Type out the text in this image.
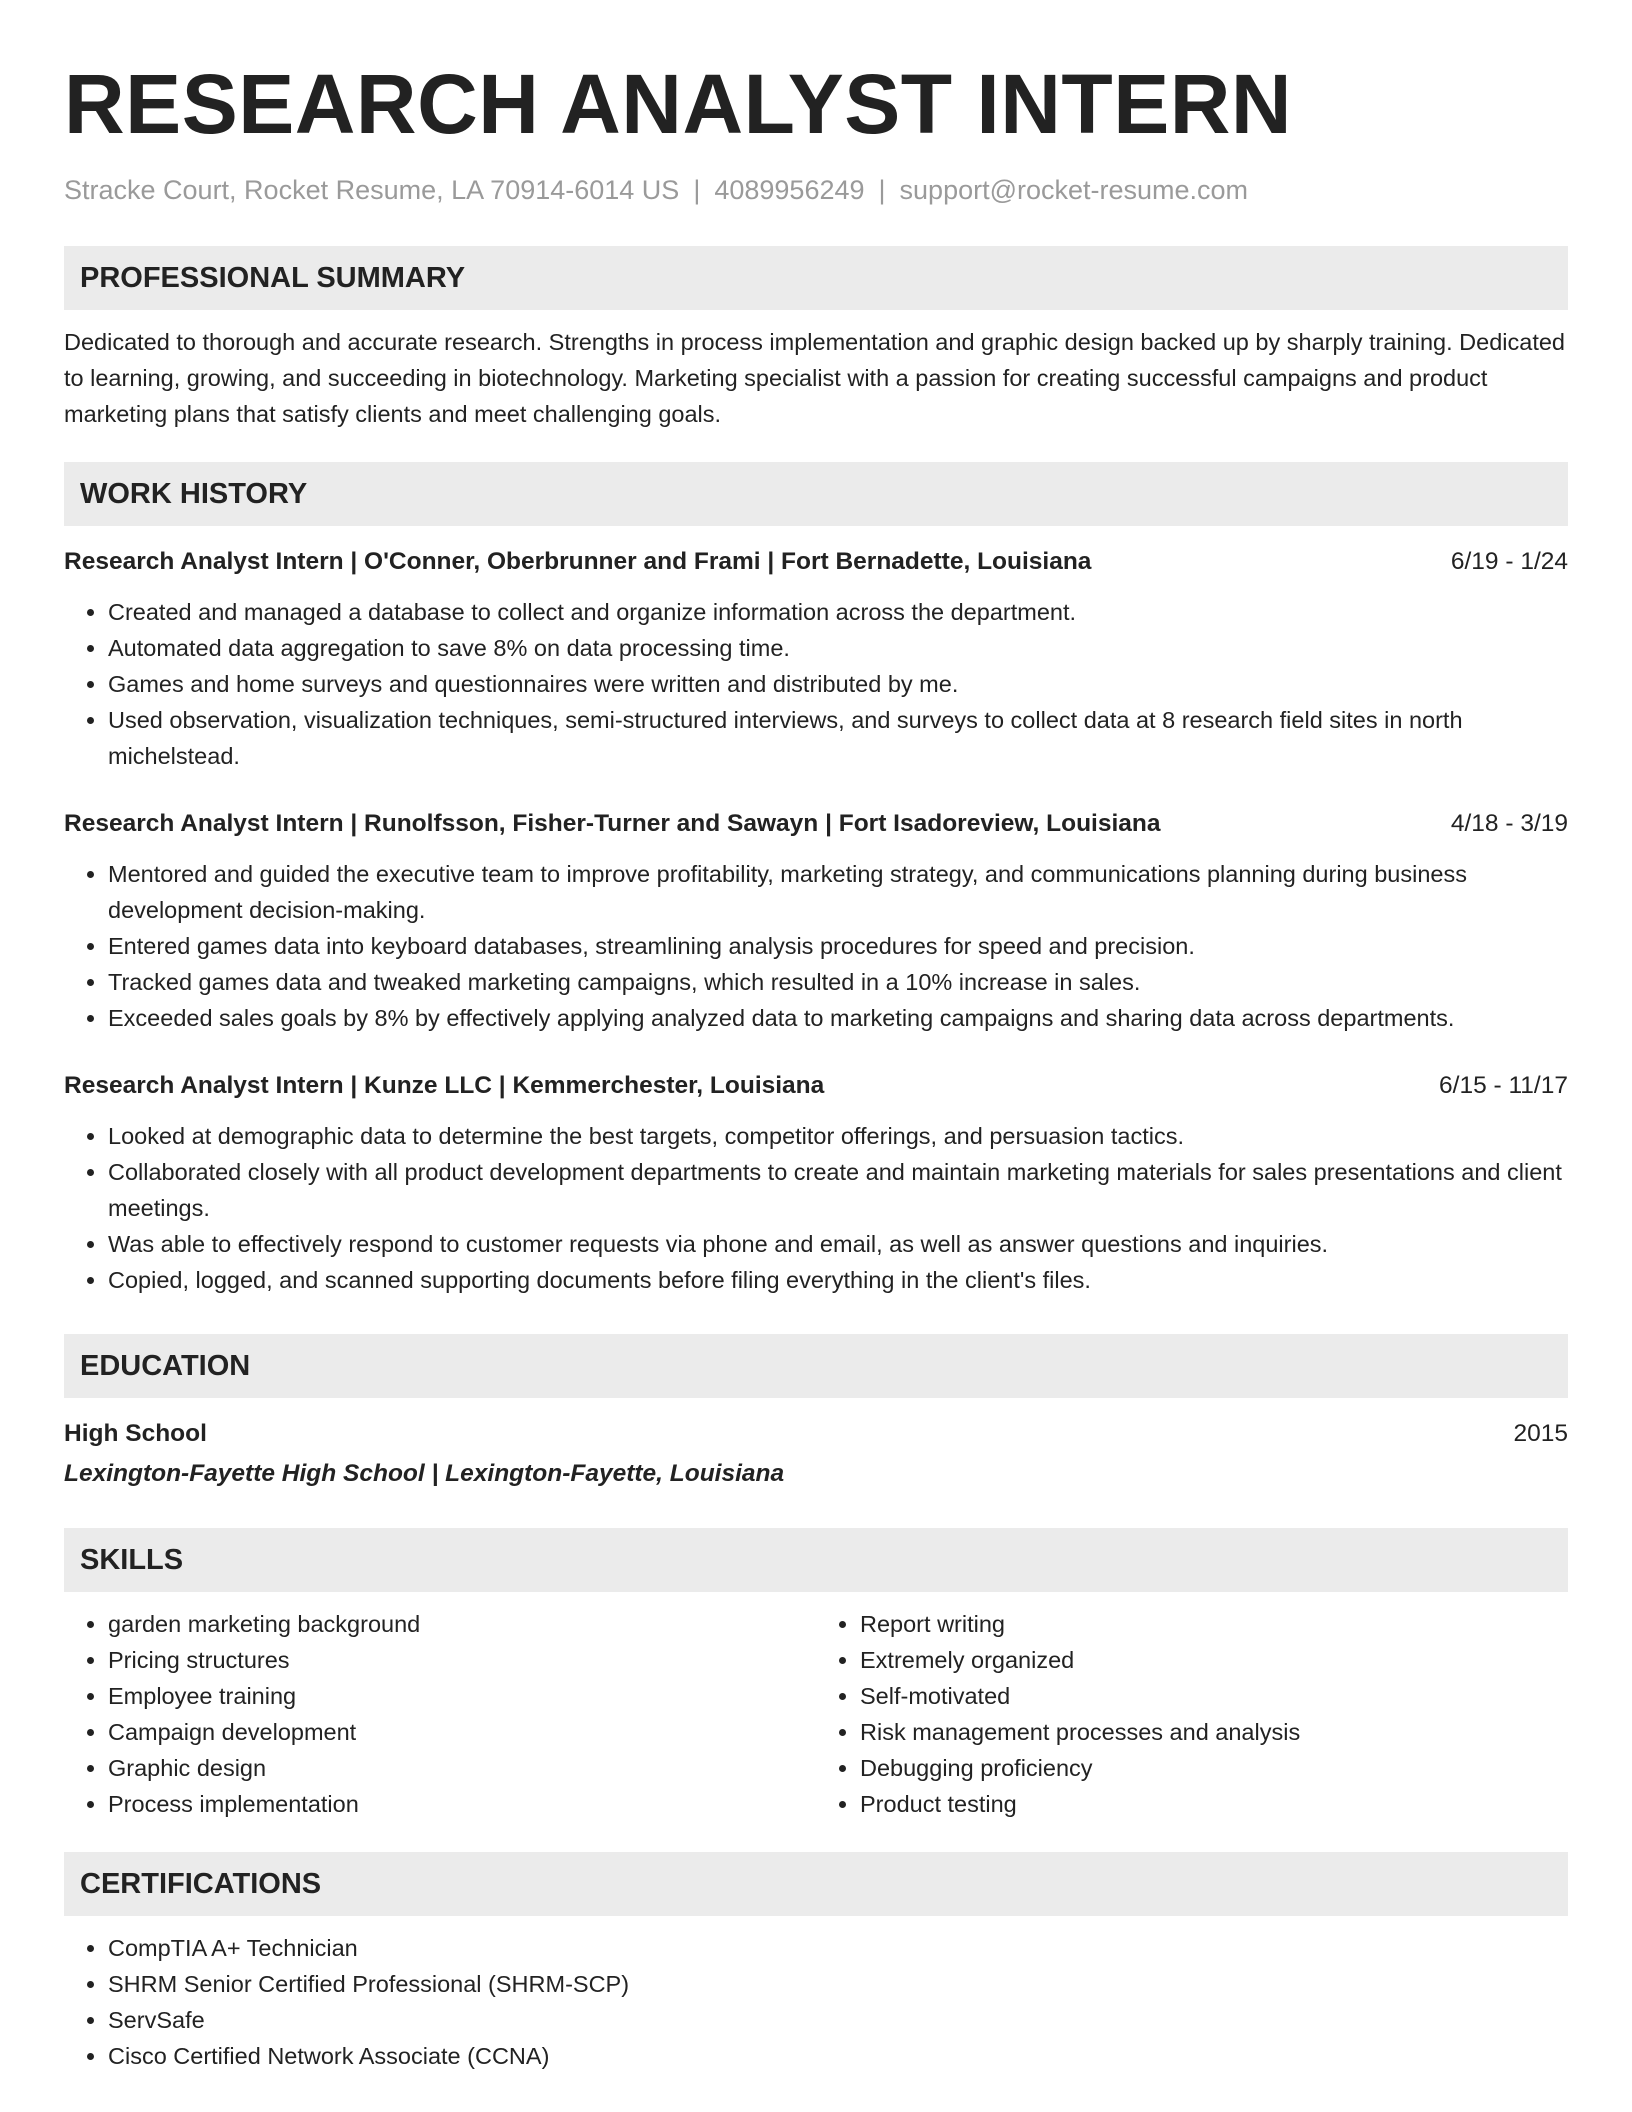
RESEARCH ANALYST INTERN
Stracke Court, Rocket Resume, LA 70914-6014 US | 4089956249 | support@rocket-resume.com
PROFESSIONAL SUMMARY
Dedicated to thorough and accurate research. Strengths in process implementation and graphic design backed up by sharply training. Dedicated to learning, growing, and succeeding in biotechnology. Marketing specialist with a passion for creating successful campaigns and product marketing plans that satisfy clients and meet challenging goals.
WORK HISTORY
Research Analyst Intern | O'Conner, Oberbrunner and Frami | Fort Bernadette, Louisiana	6/19 - 1/24
• Created and managed a database to collect and organize information across the department.
• Automated data aggregation to save 8% on data processing time.
• Games and home surveys and questionnaires were written and distributed by me.
• Used observation, visualization techniques, semi-structured interviews, and surveys to collect data at 8 research field sites in north michelstead.
Research Analyst Intern | Runolfsson, Fisher-Turner and Sawayn | Fort Isadoreview, Louisiana	4/18 - 3/19
• Mentored and guided the executive team to improve profitability, marketing strategy, and communications planning during business development decision-making.
• Entered games data into keyboard databases, streamlining analysis procedures for speed and precision.
• Tracked games data and tweaked marketing campaigns, which resulted in a 10% increase in sales.
• Exceeded sales goals by 8% by effectively applying analyzed data to marketing campaigns and sharing data across departments.
Research Analyst Intern | Kunze LLC | Kemmerchester, Louisiana	6/15 - 11/17
• Looked at demographic data to determine the best targets, competitor offerings, and persuasion tactics.
• Collaborated closely with all product development departments to create and maintain marketing materials for sales presentations and client meetings.
• Was able to effectively respond to customer requests via phone and email, as well as answer questions and inquiries.
• Copied, logged, and scanned supporting documents before filing everything in the client's files.
EDUCATION
High School	2015
Lexington-Fayette High School | Lexington-Fayette, Louisiana
SKILLS
• garden marketing background
• Pricing structures
• Employee training
• Campaign development
• Graphic design
• Process implementation
• Report writing
• Extremely organized
• Self-motivated
• Risk management processes and analysis
• Debugging proficiency
• Product testing
CERTIFICATIONS
• CompTIA A+ Technician
• SHRM Senior Certified Professional (SHRM-SCP)
• ServSafe
• Cisco Certified Network Associate (CCNA)
